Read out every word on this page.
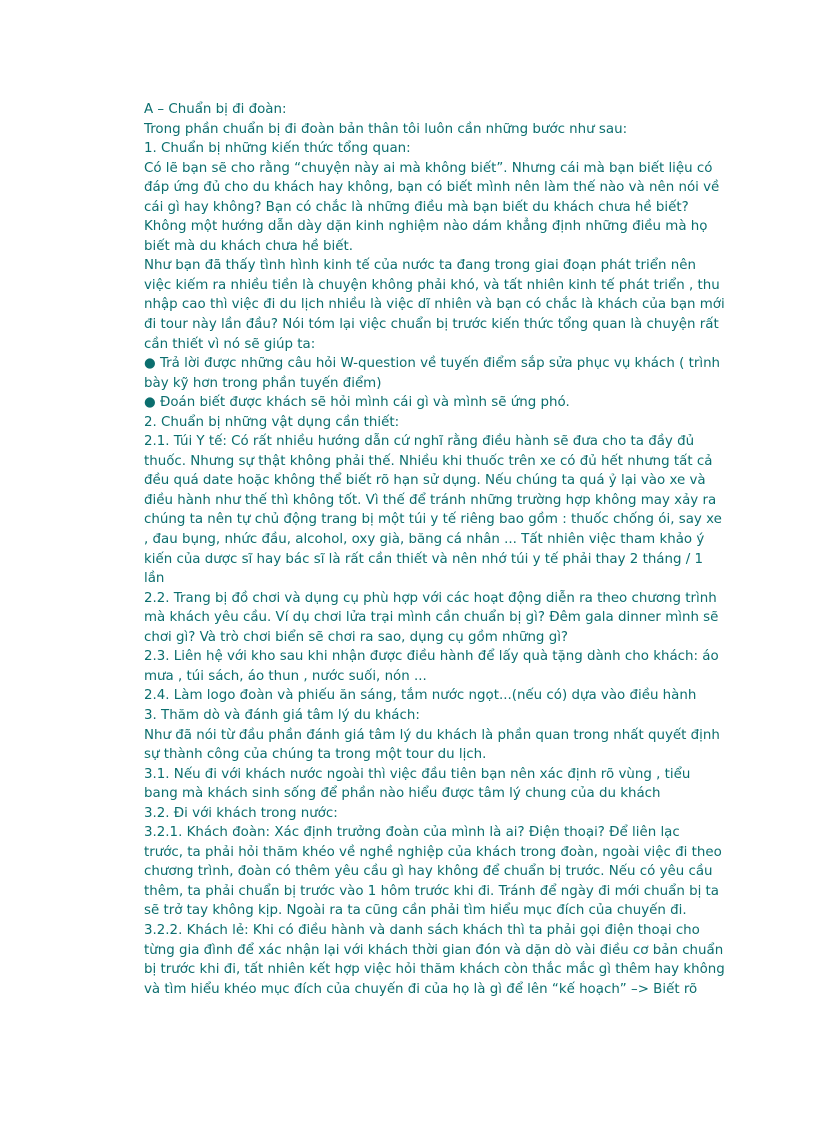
A – Chuẩn bị đi đoàn:
Trong phần chuẩn bị đi đoàn bản thân tôi luôn cần những bước như sau:
1. Chuẩn bị những kiến thức tổng quan:
Có lẽ bạn sẽ cho rằng “chuyện này ai mà không biết”. Nhưng cái mà bạn biết liệu có
đáp ứng đủ cho du khách hay không, bạn có biết mình nên làm thế nào và nên nói về
cái gì hay không? Bạn có chắc là những điều mà bạn biết du khách chưa hề biết?
Không một hướng dẫn dày dặn kinh nghiệm nào dám khẳng định những điều mà họ
biết mà du khách chưa hề biết.
Như bạn đã thấy tình hình kinh tế của nước ta đang trong giai đoạn phát triển nên
việc kiếm ra nhiều tiền là chuyện không phải khó, và tất nhiên kinh tế phát triển , thu
nhập cao thì việc đi du lịch nhiều là việc dĩ nhiên và bạn có chắc là khách của bạn mới
đi tour này lần đầu? Nói tóm lại việc chuẩn bị trước kiến thức tổng quan là chuyện rất
cần thiết vì nó sẽ giúp ta:
● Trả lời được những câu hỏi W-question về tuyến điểm sắp sửa phục vụ khách ( trình
bày kỹ hơn trong phần tuyến điểm)
● Đoán biết được khách sẽ hỏi mình cái gì và mình sẽ ứng phó.
2. Chuẩn bị những vật dụng cần thiết:
2.1. Túi Y tế: Có rất nhiều hướng dẫn cứ nghĩ rằng điều hành sẽ đưa cho ta đầy đủ
thuốc. Nhưng sự thật không phải thế. Nhiều khi thuốc trên xe có đủ hết nhưng tất cả
đều quá date hoặc không thể biết rõ hạn sử dụng. Nếu chúng ta quá ỷ lại vào xe và
điều hành như thế thì không tốt. Vì thế để tránh những trường hợp không may xảy ra
chúng ta nên tự chủ động trang bị một túi y tế riêng bao gồm : thuốc chống ói, say xe
, đau bụng, nhức đầu, alcohol, oxy già, băng cá nhân ... Tất nhiên việc tham khảo ý
kiến của dược sĩ hay bác sĩ là rất cần thiết và nên nhớ túi y tế phải thay 2 tháng / 1
lần
2.2. Trang bị đồ chơi và dụng cụ phù hợp với các hoạt động diễn ra theo chương trình
mà khách yêu cầu. Ví dụ chơi lửa trại mình cần chuẩn bị gì? Đêm gala dinner mình sẽ
chơi gì? Và trò chơi biển sẽ chơi ra sao, dụng cụ gồm những gì?
2.3. Liên hệ với kho sau khi nhận được điều hành để lấy quà tặng dành cho khách: áo
mưa , túi sách, áo thun , nước suối, nón ...
2.4. Làm logo đoàn và phiếu ăn sáng, tắm nước ngọt...(nếu có) dựa vào điều hành
3. Thăm dò và đánh giá tâm lý du khách:
Như đã nói từ đầu phần đánh giá tâm lý du khách là phần quan trong nhất quyết định
sự thành công của chúng ta trong một tour du lịch.
3.1. Nếu đi với khách nước ngoài thì việc đầu tiên bạn nên xác định rõ vùng , tiểu
bang mà khách sinh sống để phần nào hiểu được tâm lý chung của du khách
3.2. Đi với khách trong nước:
3.2.1. Khách đoàn: Xác định trưởng đoàn của mình là ai? Điện thoại? Để liên lạc
trước, ta phải hỏi thăm khéo về nghề nghiệp của khách trong đoàn, ngoài việc đi theo
chương trình, đoàn có thêm yêu cầu gì hay không để chuẩn bị trước. Nếu có yêu cầu
thêm, ta phải chuẩn bị trước vào 1 hôm trước khi đi. Tránh để ngày đi mới chuẩn bị ta
sẽ trở tay không kịp. Ngoài ra ta cũng cần phải tìm hiểu mục đích của chuyến đi.
3.2.2. Khách lẻ: Khi có điều hành và danh sách khách thì ta phải gọi điện thoại cho
từng gia đình để xác nhận lại với khách thời gian đón và dặn dò vài điều cơ bản chuẩn
bị trước khi đi, tất nhiên kết hợp việc hỏi thăm khách còn thắc mắc gì thêm hay không
và tìm hiểu khéo mục đích của chuyến đi của họ là gì để lên “kế hoạch” –> Biết rõ
